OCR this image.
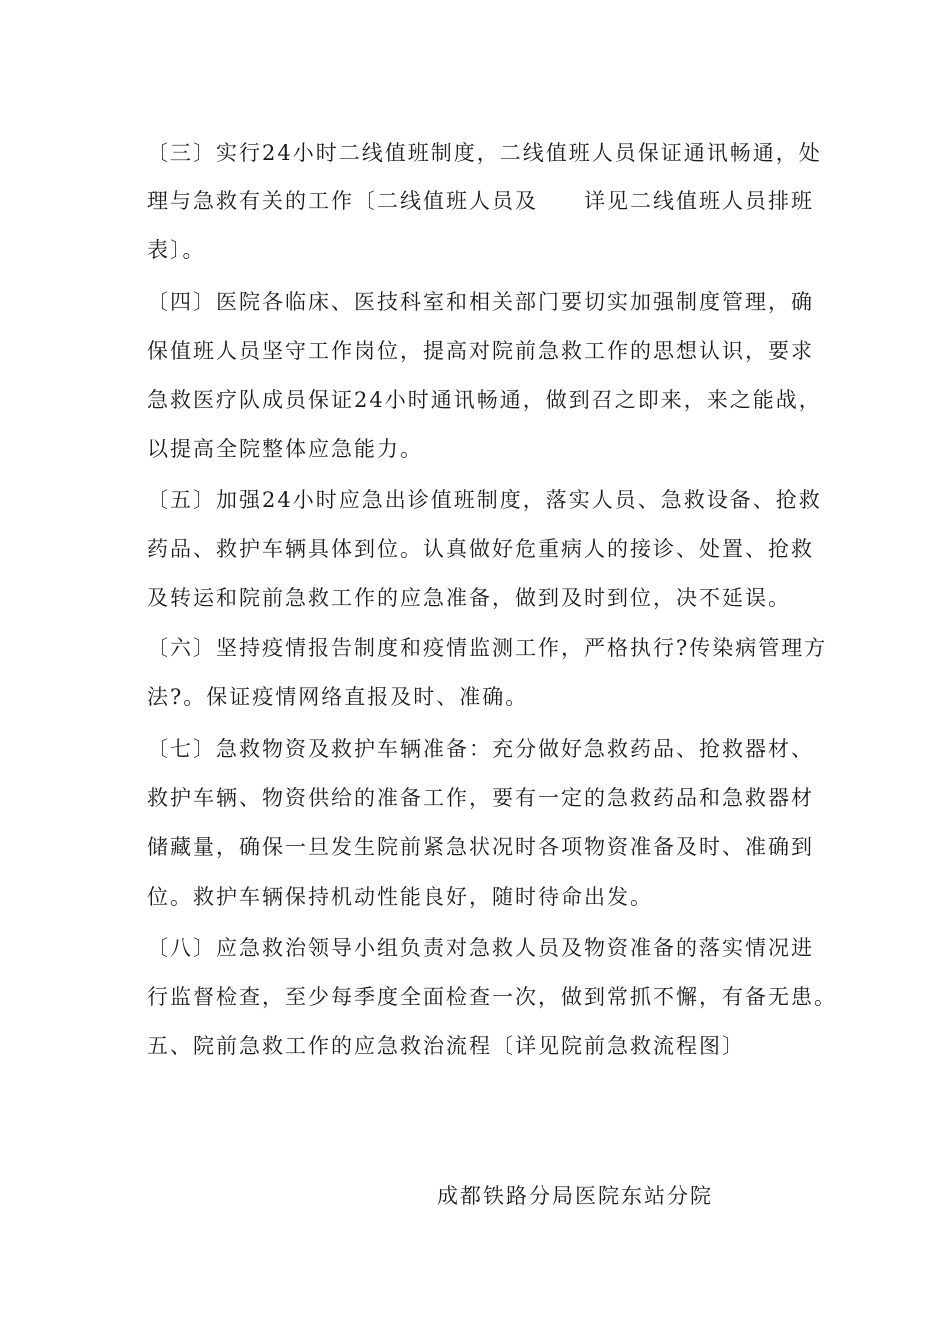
〔三〕实行24小时二线值班制度，二线值班人员保证通讯畅通，处
理与急救有关的工作〔二线值班人员及　　详见二线值班人员排班
表〕。
〔四〕医院各临床、医技科室和相关部门要切实加强制度管理，确
保值班人员坚守工作岗位，提高对院前急救工作的思想认识，要求
急救医疗队成员保证24小时通讯畅通，做到召之即来，来之能战，
以提高全院整体应急能力。
〔五〕加强24小时应急出诊值班制度，落实人员、急救设备、抢救
药品、救护车辆具体到位。认真做好危重病人的接诊、处置、抢救
及转运和院前急救工作的应急准备，做到及时到位，决不延误。
〔六〕坚持疫情报告制度和疫情监测工作，严格执行?传染病管理方
法?。保证疫情网络直报及时、准确。
〔七〕急救物资及救护车辆准备：充分做好急救药品、抢救器材、
救护车辆、物资供给的准备工作，要有一定的急救药品和急救器材
储藏量，确保一旦发生院前紧急状况时各项物资准备及时、准确到
位。救护车辆保持机动性能良好，随时待命出发。
〔八〕应急救治领导小组负责对急救人员及物资准备的落实情况进
行监督检查，至少每季度全面检查一次，做到常抓不懈，有备无患。
五、院前急救工作的应急救治流程〔详见院前急救流程图〕
成都铁路分局医院东站分院
